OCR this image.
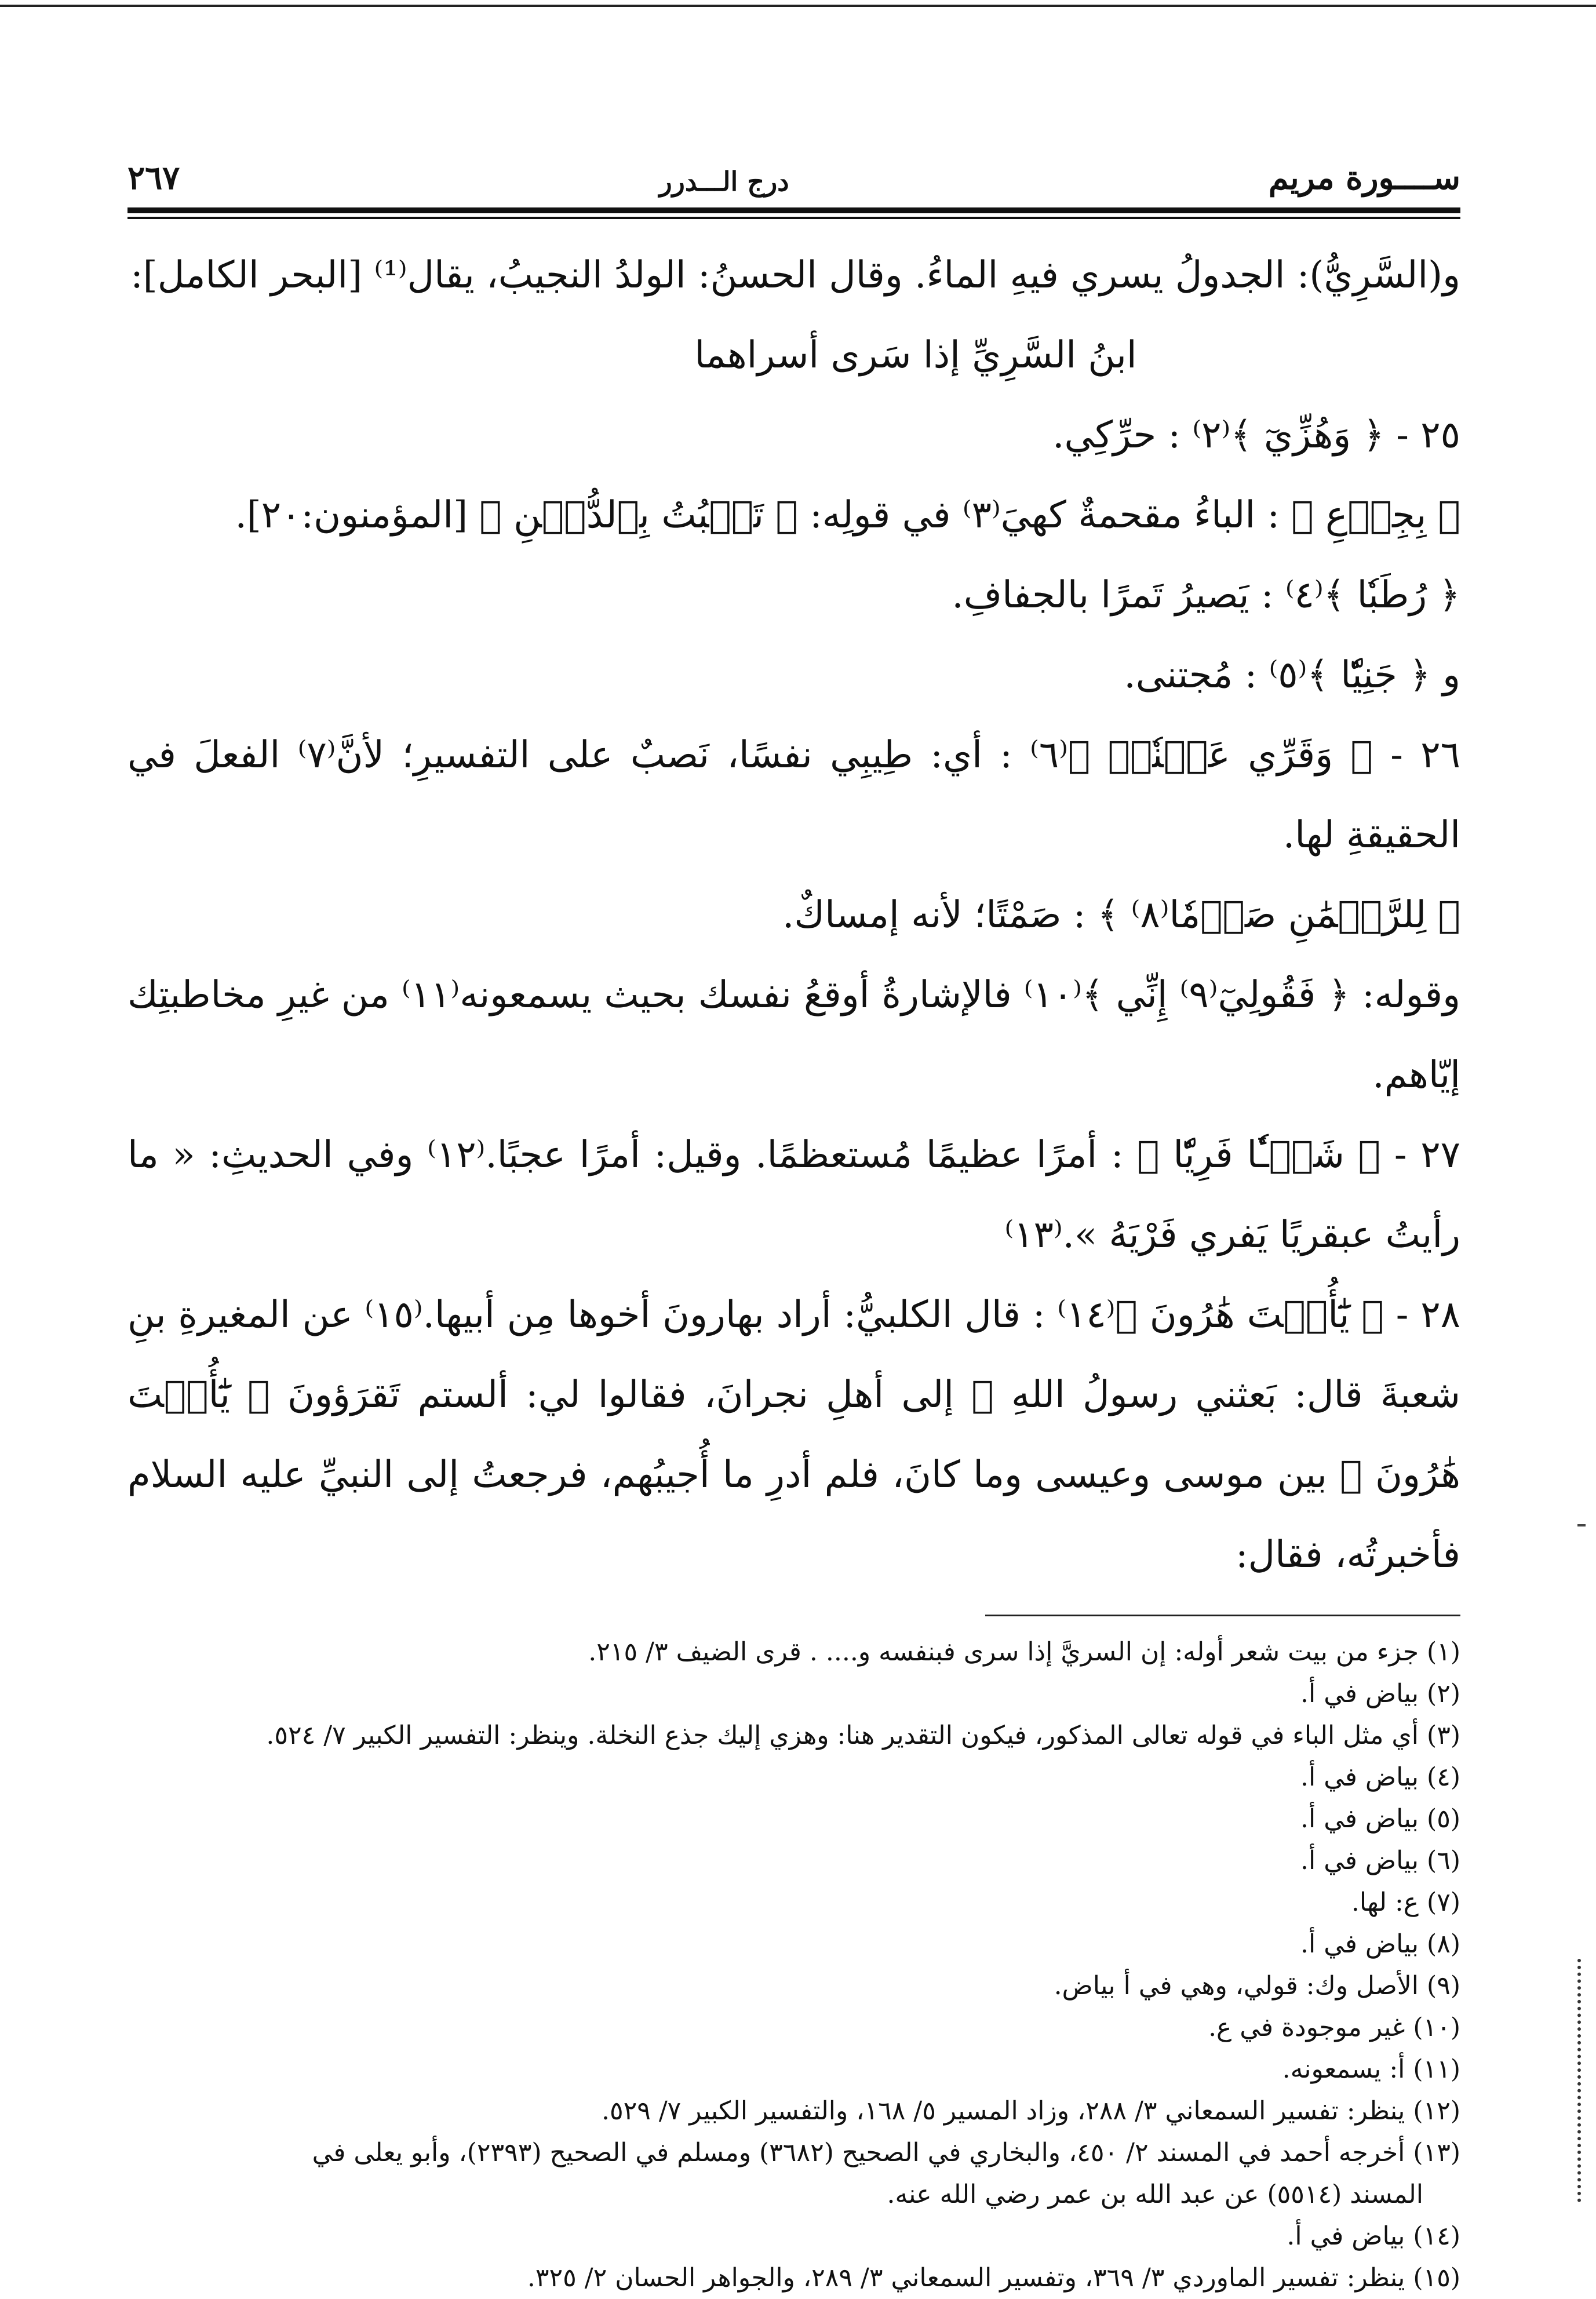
ســــورة مريم
درج الـــدرر
٢٦٧

و(السَّرِيُّ): الجدولُ يسري فيهِ الماءُ. وقال الحسنُ: الولدُ النجيبُ، يقال⁽¹⁾ [البحر الكامل]:

ابنُ السَّرِيِّ إذا سَرى أسراهما

٢٥ - ﴿ وَهُزِّيٓ ﴾⁽٢⁾ : حرِّكِي.

﴿ بِجِذۡعِ ﴾ : الباءُ مقحمةٌ كهيَ⁽٣⁾ في قولِه: ﴿ تَنۢبُتُ بِٱلدُّهۡنِ ﴾ [المؤمنون:٢٠].

﴿ رُطَبٗا ﴾⁽٤⁾ : يَصيرُ تَمرًا بالجفافِ.

و ﴿ جَنِيّٗا ﴾⁽٥⁾ : مُجتنى.

٢٦ - ﴿ وَقَرِّي عَيۡنٗاۖ ﴾⁽٦⁾ : أي: طِيبِي نفسًا، نَصبٌ على التفسيرِ؛ لأنَّ⁽٧⁾ الفعلَ في الحقيقةِ لها.

﴿ لِلرَّحۡمَٰنِ صَوۡمٗا⁽٨⁾ ﴾ : صَمْتًا؛ لأنه إمساكٌ.

وقوله: ﴿ فَقُولِيٓ⁽٩⁾ إِنِّي ﴾⁽١٠⁾ فالإشارةُ أوقعُ نفسك بحيث يسمعونه⁽١١⁾ من غيرِ مخاطبتِك إيّاهم.

٢٧ - ﴿ شَيۡـٔٗا فَرِيّٗا ﴾ : أمرًا عظيمًا مُستعظمًا. وقيل: أمرًا عجبًا.⁽١٢⁾ وفي الحديثِ: « ما رأيتُ عبقريًا يَفري فَرْيَهُ ».⁽١٣⁾

٢٨ - ﴿ يَٰٓأُخۡتَ هَٰرُونَ ﴾⁽١٤⁾ : قال الكلبيُّ: أراد بهارونَ أخوها مِن أبيها.⁽١٥⁾ عن المغيرةِ بنِ شعبةَ قال: بَعثني رسولُ اللهِ ﷺ إلى أهلِ نجرانَ، فقالوا لي: ألستم تَقرَؤونَ ﴿ يَٰٓأُخۡتَ هَٰرُونَ ﴾ بين موسى وعيسى وما كانَ، فلم أدرِ ما أُجيبُهم، فرجعتُ إلى النبيِّ عليه السلام فأخبرتُه، فقال:

(١) جزء من بيت شعر أوله: إن السريَّ إذا سرى فبنفسه و.... . قرى الضيف ٣/ ٢١٥.

(٢) بياض في أ.

(٣) أي مثل الباء في قوله تعالى المذكور، فيكون التقدير هنا: وهزي إليك جذع النخلة. وينظر: التفسير الكبير ٧/ ٥٢٤.

(٤) بياض في أ.

(٥) بياض في أ.

(٦) بياض في أ.

(٧) ع: لها.

(٨) بياض في أ.

(٩) الأصل وك: قولي، وهي في أ بياض.

(١٠) غير موجودة في ع.

(١١) أ: يسمعونه.

(١٢) ينظر: تفسير السمعاني ٣/ ٢٨٨، وزاد المسير ٥/ ١٦٨، والتفسير الكبير ٧/ ٥٢٩.

(١٣) أخرجه أحمد في المسند ٢/ ٤٥٠، والبخاري في الصحيح (٣٦٨٢) ومسلم في الصحيح (٢٣٩٣)، وأبو يعلى في

المسند (٥٥١٤) عن عبد الله بن عمر رضي الله عنه.

(١٤) بياض في أ.

(١٥) ينظر: تفسير الماوردي ٣/ ٣٦٩، وتفسير السمعاني ٣/ ٢٨٩، والجواهر الحسان ٢/ ٣٢٥.
